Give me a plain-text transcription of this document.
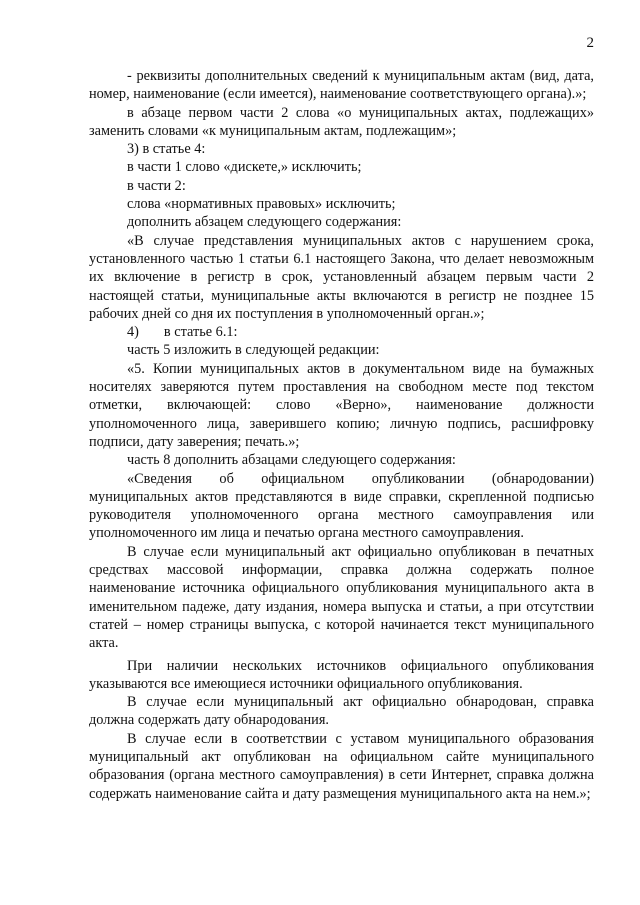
2

- реквизиты дополнительных сведений к муниципальным актам (вид, дата, номер, наименование (если имеется), наименование соответствующего органа).»;

в абзаце первом части 2 слова «о муниципальных актах, подлежащих» заменить словами «к муниципальным актам, подлежащим»;

3) в статье 4:

в части 1 слово «дискете,» исключить;

в части 2:

слова «нормативных правовых» исключить;

дополнить абзацем следующего содержания:

«В случае представления муниципальных актов с нарушением срока, установленного частью 1 статьи 6.1 настоящего Закона, что делает невозможным их включение в регистр в срок, установленный абзацем первым части 2 настоящей статьи, муниципальные акты включаются в регистр не позднее 15 рабочих дней со дня их поступления в уполномоченный орган.»;

4)       в статье 6.1:

часть 5 изложить в следующей редакции:

«5. Копии муниципальных актов в документальном виде на бумажных носителях заверяются путем проставления на свободном месте под текстом отметки, включающей: слово «Верно», наименование должности уполномоченного лица, заверившего копию; личную подпись, расшифровку подписи, дату заверения; печать.»;

часть 8 дополнить абзацами следующего содержания:

«Сведения об официальном опубликовании (обнародовании) муниципальных актов представляются в виде справки, скрепленной подписью руководителя уполномоченного органа местного самоуправления или уполномоченного им лица и печатью органа местного самоуправления.

В случае если муниципальный акт официально опубликован в печатных средствах массовой информации, справка должна содержать полное наименование источника официального опубликования муниципального акта в именительном падеже, дату издания, номера выпуска и статьи, а при отсутствии статей – номер страницы выпуска, с которой начинается текст муниципального акта.

При наличии нескольких источников официального опубликования указываются все имеющиеся источники официального опубликования.

В случае если муниципальный акт официально обнародован, справка должна содержать дату обнародования.

В случае если в соответствии с уставом муниципального образования муниципальный акт опубликован на официальном сайте муниципального образования (органа местного самоуправления) в сети Интернет, справка должна содержать наименование сайта и дату размещения муниципального акта на нем.»;
